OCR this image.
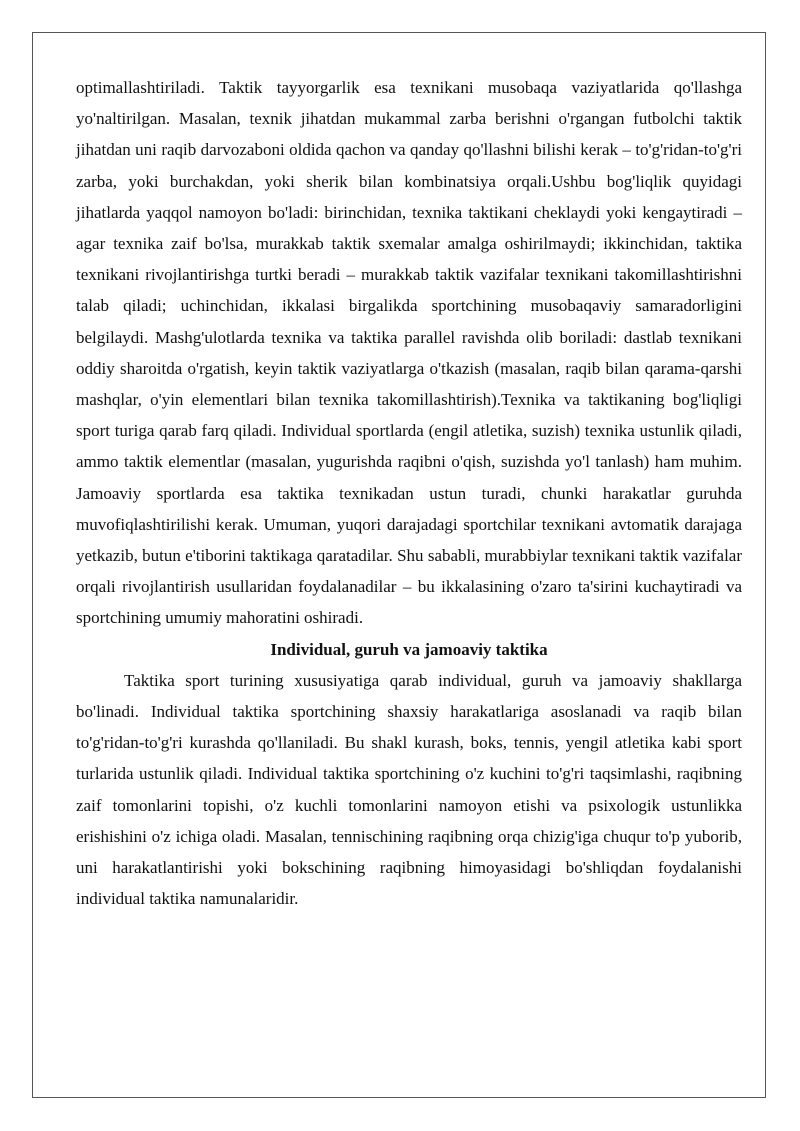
optimallashtiriladi. Taktik tayyorgarlik esa texnikani musobaqa vaziyatlarida qo'llashga yo'naltirilgan. Masalan, texnik jihatdan mukammal zarba berishni o'rgangan futbolchi taktik jihatdan uni raqib darvozaboni oldida qachon va qanday qo'llashni bilishi kerak – to'g'ridan-to'g'ri zarba, yoki burchakdan, yoki sherik bilan kombinatsiya orqali.Ushbu bog'liqlik quyidagi jihatlarda yaqqol namoyon bo'ladi: birinchidan, texnika taktikani cheklaydi yoki kengaytiradi – agar texnika zaif bo'lsa, murakkab taktik sxemalar amalga oshirilmaydi; ikkinchidan, taktika texnikani rivojlantirishga turtki beradi – murakkab taktik vazifalar texnikani takomillashtirishni talab qiladi; uchinchidan, ikkalasi birgalikda sportchining musobaqaviy samaradorligini belgilaydi. Mashg'ulotlarda texnika va taktika parallel ravishda olib boriladi: dastlab texnikani oddiy sharoitda o'rgatish, keyin taktik vaziyatlarga o'tkazish (masalan, raqib bilan qarama-qarshi mashqlar, o'yin elementlari bilan texnika takomillashtirish).Texnika va taktikaning bog'liqligi sport turiga qarab farq qiladi. Individual sportlarda (engil atletika, suzish) texnika ustunlik qiladi, ammo taktik elementlar (masalan, yugurishda raqibni o'qish, suzishda yo'l tanlash) ham muhim. Jamoaviy sportlarda esa taktika texnikadan ustun turadi, chunki harakatlar guruhda muvofiqlashtirilishi kerak. Umuman, yuqori darajadagi sportchilar texnikani avtomatik darajaga yetkazib, butun e'tiborini taktikaga qaratadilar. Shu sababli, murabbiylar texnikani taktik vazifalar orqali rivojlantirish usullaridan foydalanadilar – bu ikkalasining o'zaro ta'sirini kuchaytiradi va sportchining umumiy mahoratini oshiradi.

Individual, guruh va jamoaviy taktika

Taktika sport turining xususiyatiga qarab individual, guruh va jamoaviy shakllarga bo'linadi. Individual taktika sportchining shaxsiy harakatlariga asoslanadi va raqib bilan to'g'ridan-to'g'ri kurashda qo'llaniladi. Bu shakl kurash, boks, tennis, yengil atletika kabi sport turlarida ustunlik qiladi. Individual taktika sportchining o'z kuchini to'g'ri taqsimlashi, raqibning zaif tomonlarini topishi, o'z kuchli tomonlarini namoyon etishi va psixologik ustunlikka erishishini o'z ichiga oladi. Masalan, tennischining raqibning orqa chizig'iga chuqur to'p yuborib, uni harakatlantirishi yoki bokschining raqibning himoyasidagi bo'shliqdan foydalanishi individual taktika namunalaridir.
